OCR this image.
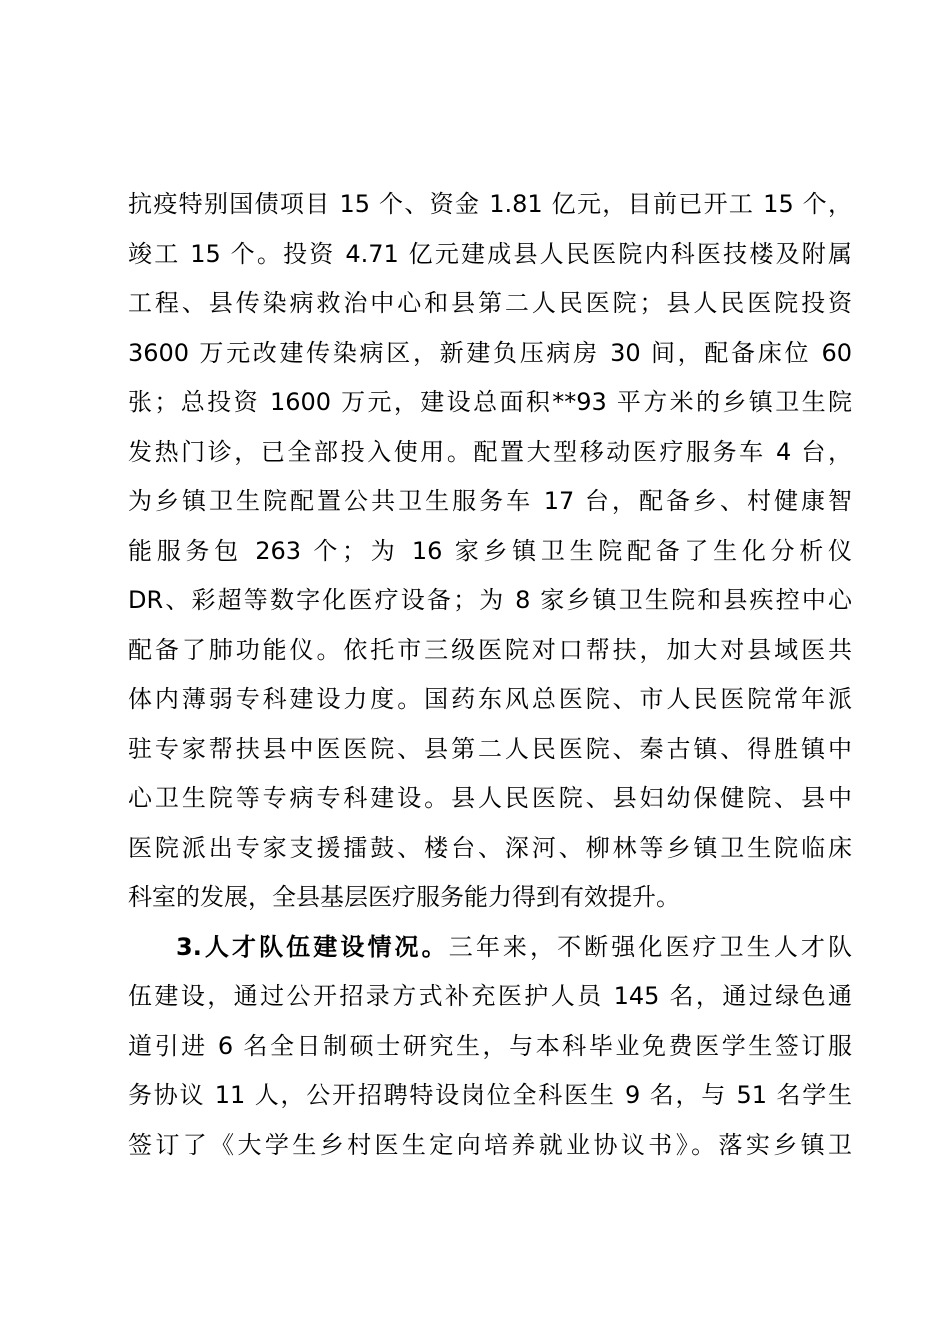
抗疫特别国债项目 15 个、资金 1.81 亿元，目前已开工 15 个，
竣工 15 个。投资 4.71 亿元建成县人民医院内科医技楼及附属
工程、县传染病救治中心和县第二人民医院；县人民医院投资
3600 万元改建传染病区，新建负压病房 30 间，配备床位 60
张；总投资 1600 万元，建设总面积**93 平方米的乡镇卫生院
发热门诊，已全部投入使用。配置大型移动医疗服务车 4 台，
为乡镇卫生院配置公共卫生服务车 17 台，配备乡、村健康智
能服务包 263 个；为 16 家乡镇卫生院配备了生化分析仪
DR、彩超等数字化医疗设备；为 8 家乡镇卫生院和县疾控中心
配备了肺功能仪。依托市三级医院对口帮扶，加大对县域医共
体内薄弱专科建设力度。国药东风总医院、市人民医院常年派
驻专家帮扶县中医医院、县第二人民医院、秦古镇、得胜镇中
心卫生院等专病专科建设。县人民医院、县妇幼保健院、县中
医院派出专家支援擂鼓、楼台、深河、柳林等乡镇卫生院临床
科室的发展，全县基层医疗服务能力得到有效提升。
3.人才队伍建设情况。三年来，不断强化医疗卫生人才队
伍建设，通过公开招录方式补充医护人员 145 名，通过绿色通
道引进 6 名全日制硕士研究生，与本科毕业免费医学生签订服
务协议 11 人，公开招聘特设岗位全科医生 9 名，与 51 名学生
签订了《大学生乡村医生定向培养就业协议书》。落实乡镇卫
